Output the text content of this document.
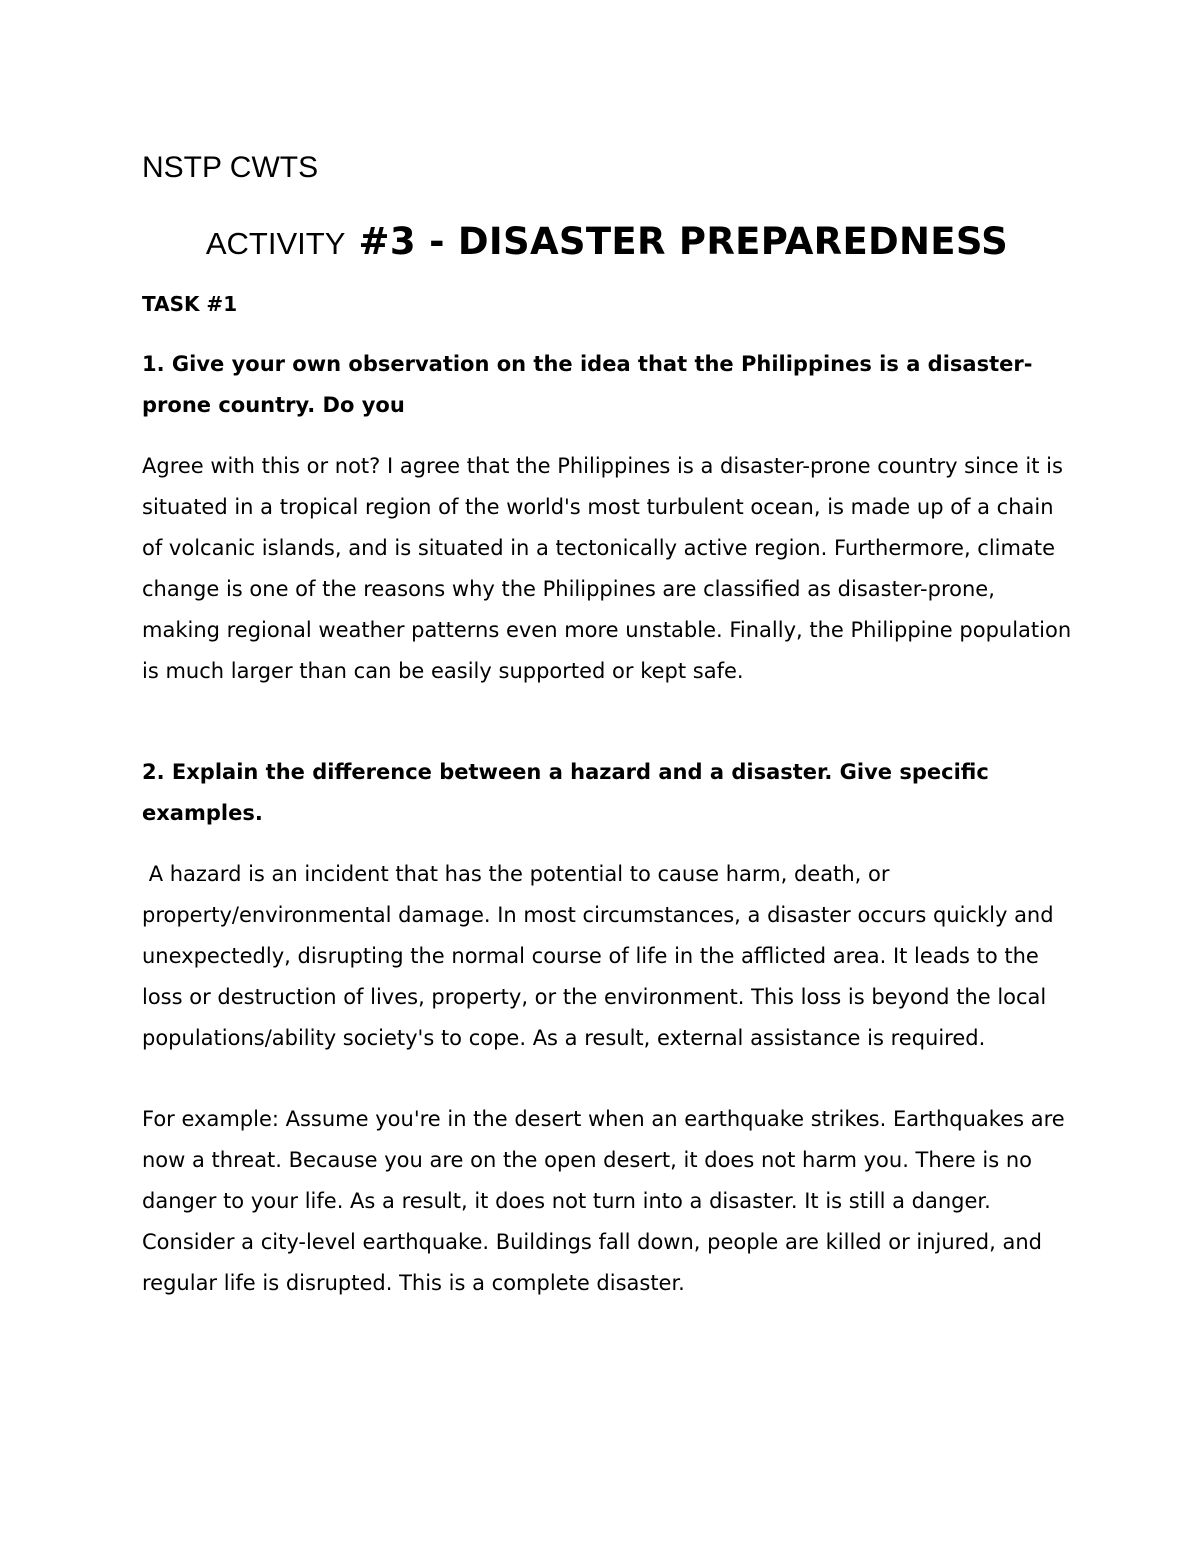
NSTP CWTS
ACTIVITY #3 - DISASTER PREPAREDNESS
TASK #1
1. Give your own observation on the idea that the Philippines is a disaster-prone country. Do you
Agree with this or not? I agree that the Philippines is a disaster-prone country since it is situated in a tropical region of the world's most turbulent ocean, is made up of a chain of volcanic islands, and is situated in a tectonically active region. Furthermore, climate change is one of the reasons why the Philippines are classified as disaster-prone, making regional weather patterns even more unstable. Finally, the Philippine population is much larger than can be easily supported or kept safe.
2. Explain the difference between a hazard and a disaster. Give specific examples.
A hazard is an incident that has the potential to cause harm, death, or property/environmental damage. In most circumstances, a disaster occurs quickly and unexpectedly, disrupting the normal course of life in the afflicted area. It leads to the loss or destruction of lives, property, or the environment. This loss is beyond the local populations/ability society's to cope. As a result, external assistance is required.
For example: Assume you're in the desert when an earthquake strikes. Earthquakes are now a threat. Because you are on the open desert, it does not harm you. There is no danger to your life. As a result, it does not turn into a disaster. It is still a danger. Consider a city-level earthquake. Buildings fall down, people are killed or injured, and regular life is disrupted. This is a complete disaster.
